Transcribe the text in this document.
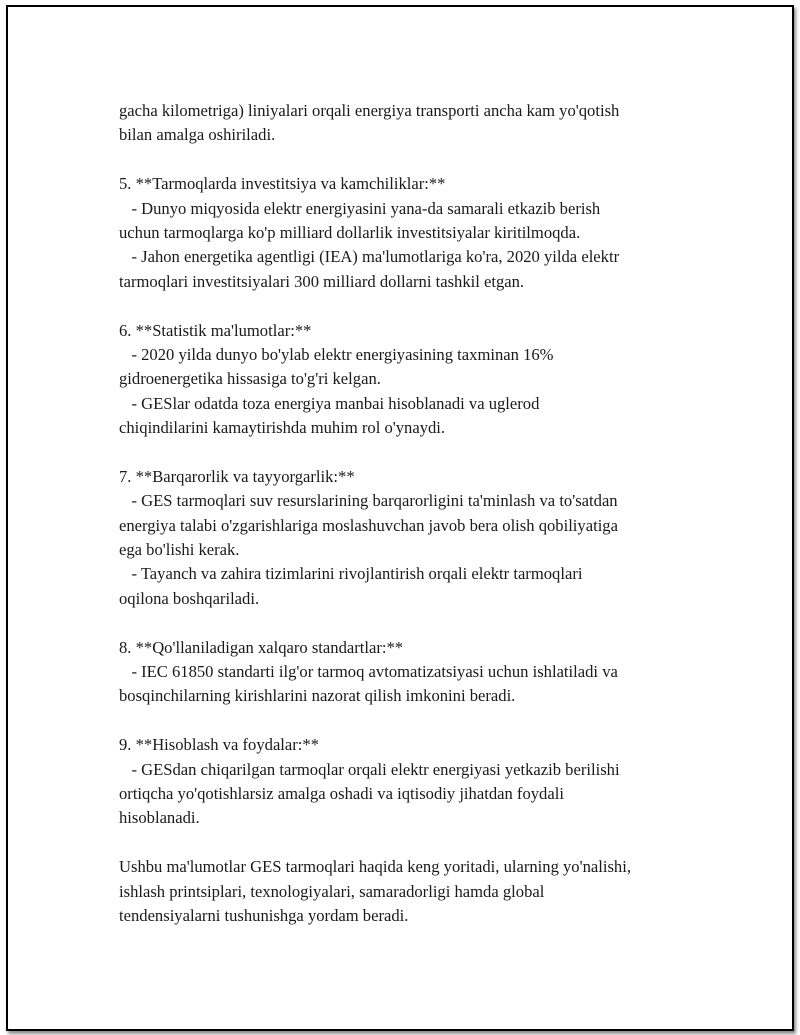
gacha kilometriga) liniyalari orqali energiya transporti ancha kam yo'qotish
bilan amalga oshiriladi.
5. **Tarmoqlarda investitsiya va kamchiliklar:**
- Dunyo miqyosida elektr energiyasini yana-da samarali etkazib berish
uchun tarmoqlarga ko'p milliard dollarlik investitsiyalar kiritilmoqda.
- Jahon energetika agentligi (IEA) ma'lumotlariga ko'ra, 2020 yilda elektr
tarmoqlari investitsiyalari 300 milliard dollarni tashkil etgan.
6. **Statistik ma'lumotlar:**
- 2020 yilda dunyo bo'ylab elektr energiyasining taxminan 16%
gidroenergetika hissasiga to'g'ri kelgan.
- GESlar odatda toza energiya manbai hisoblanadi va uglerod
chiqindilarini kamaytirishda muhim rol o'ynaydi.
7. **Barqarorlik va tayyorgarlik:**
- GES tarmoqlari suv resurslarining barqarorligini ta'minlash va to'satdan
energiya talabi o'zgarishlariga moslashuvchan javob bera olish qobiliyatiga
ega bo'lishi kerak.
- Tayanch va zahira tizimlarini rivojlantirish orqali elektr tarmoqlari
oqilona boshqariladi.
8. **Qo'llaniladigan xalqaro standartlar:**
- IEC 61850 standarti ilg'or tarmoq avtomatizatsiyasi uchun ishlatiladi va
bosqinchilarning kirishlarini nazorat qilish imkonini beradi.
9. **Hisoblash va foydalar:**
- GESdan chiqarilgan tarmoqlar orqali elektr energiyasi yetkazib berilishi
ortiqcha yo'qotishlarsiz amalga oshadi va iqtisodiy jihatdan foydali
hisoblanadi.
Ushbu ma'lumotlar GES tarmoqlari haqida keng yoritadi, ularning yo'nalishi,
ishlash printsiplari, texnologiyalari, samaradorligi hamda global
tendensiyalarni tushunishga yordam beradi.
